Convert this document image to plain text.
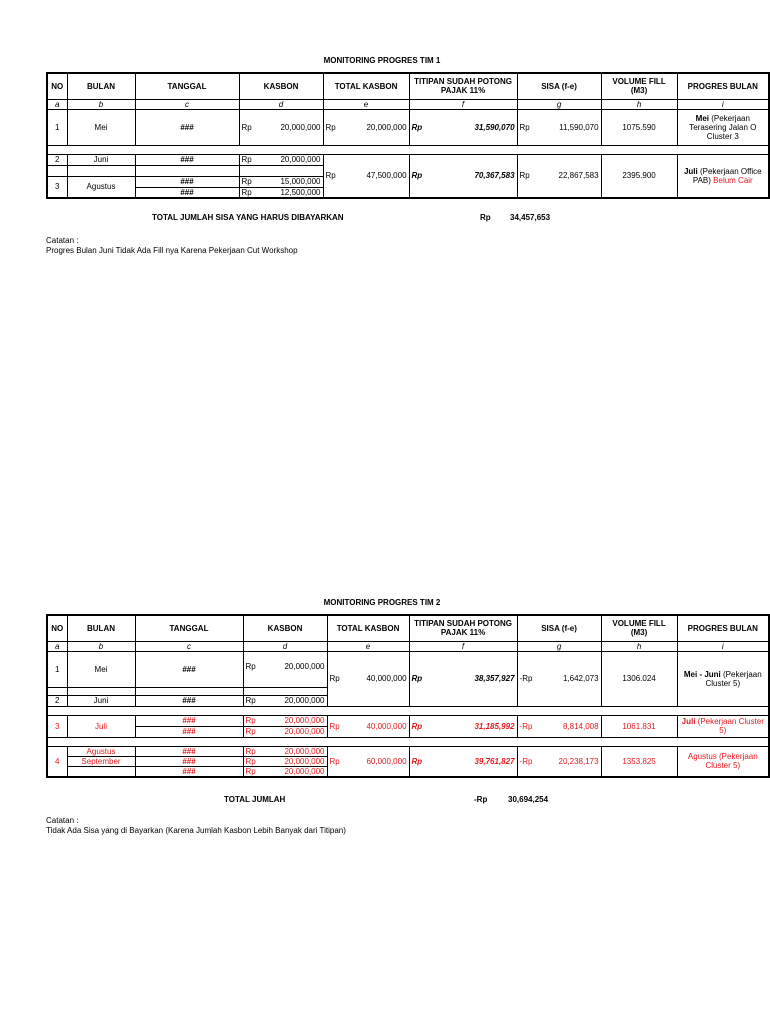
MONITORING PROGRES TIM 1
NO	BULAN	TANGGAL	KASBON		TOTAL KASBON		TITIPAN SUDAH POTONG PAJAK 11%		SISA (f-e)		VOLUME FILL (M3)	PROGRES BULAN
a	b	c	d		e		f		g		h	i
1	Mei	###	Rp	20,000,000	Rp	20,000,000	Rp	31,590,070	Rp	11,590,070	1075.590	Mei (Pekerjaan Terasering Jalan O Cluster 3

2	Juni	###	Rp	20,000,000	Rp	47,500,000	Rp	70,367,583	Rp	22,867,583	2395.900	Juli (Pekerjaan Office PAB) Belum Cair

3	Agustus	###	Rp	15,000,000								
		###	Rp	12,500,000								
TOTAL JUMLAH SISA YANG HARUS DIBAYARKAN	Rp 34,457,653
Catatan :
Progres Bulan Juni Tidak Ada Fill nya Karena Pekerjaan Cut Workshop
MONITORING PROGRES TIM 2
NO	BULAN	TANGGAL	KASBON		TOTAL KASBON		TITIPAN SUDAH POTONG PAJAK 11%		SISA (f-e)		VOLUME FILL (M3)	PROGRES BULAN
a	b	c	d		e		f		g		h	i
1	Mei	###	Rp	20,000,000	Rp	40,000,000	Rp	38,357,927	-Rp	1,642,073	1306.024	Mei - Juni (Pekerjaan Cluster 5)

2	Juni	###	Rp	20,000,000								

3	Juli	###	Rp	20,000,000	Rp	40,000,000	Rp	31,185,992	-Rp	8,814,008	1061.831	Juli (Pekerjaan Cluster 5)
		###	Rp	20,000,000								

4	Agustus	###	Rp	20,000,000	Rp	60,000,000	Rp	39,761,827	-Rp	20,238,173	1353.825	Agustus (Pekerjaan Cluster 5)
	September	###	Rp	20,000,000								
		###	Rp	20,000,000								
TOTAL JUMLAH	-Rp	30,694,254
Catatan :
Tidak Ada Sisa yang di Bayarkan (Karena Jumlah Kasbon Lebih Banyak dari Titipan)
